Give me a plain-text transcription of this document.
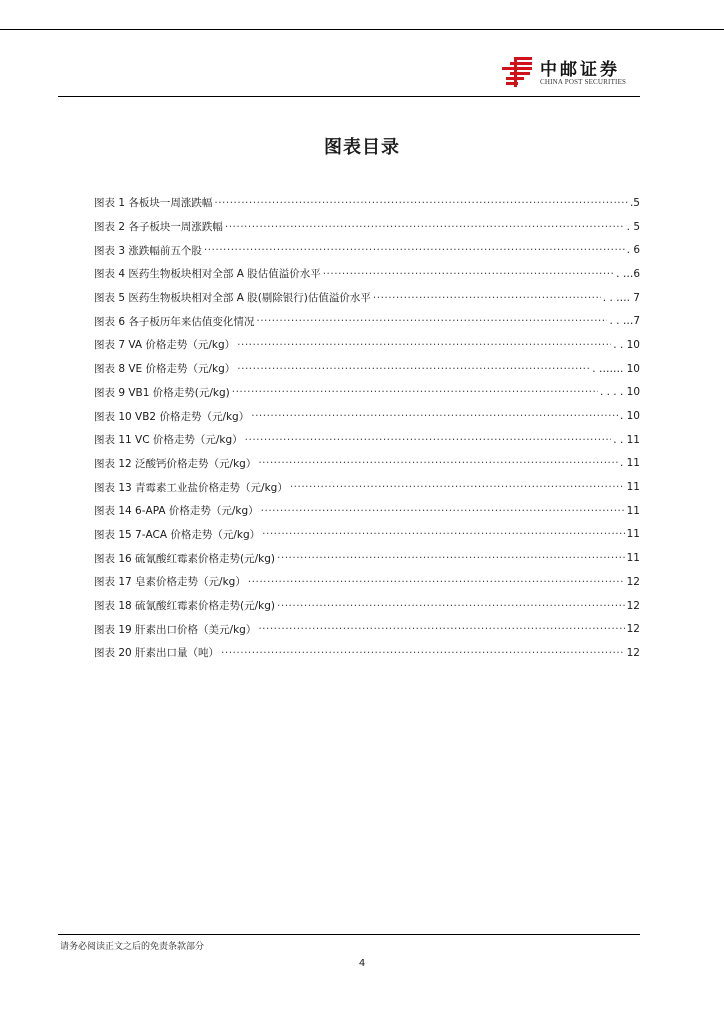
中邮证券
CHINA POST SECURITIES
图表目录
图表 1 各板块一周涨跌幅 ·····	.5
图表 2 各子板块一周涨跌幅 ·····	. 5
图表 3 涨跌幅前五个股 ·····	. 6
图表 4 医药生物板块相对全部 A 股估值溢价水平 ·····	. …6
图表 5 医药生物板块相对全部 A 股(剔除银行)估值溢价水平 ·····	. . …. 7
图表 6 各子板历年来估值变化情况 ·····	. . …7
图表 7 VA 价格走势（元/kg） ·····	. . 10
图表 8 VE 价格走势（元/kg） ·····	. ……. 10
图表 9 VB1 价格走势(元/kg) ·····	. . . . 10
图表 10 VB2 价格走势（元/kg） ·····	. 10
图表 11 VC 价格走势（元/kg） ·····	. . 11
图表 12 泛酸钙价格走势（元/kg） ·····	. 11
图表 13 青霉素工业盐价格走势（元/kg） ·····	11
图表 14 6-APA 价格走势（元/kg） ·····	11
图表 15 7-ACA 价格走势（元/kg） ·····	11
图表 16 硫氰酸红霉素价格走势(元/kg) ·····	11
图表 17 皂素价格走势（元/kg） ·····	12
图表 18 硫氰酸红霉素价格走势(元/kg) ·····	12
图表 19 肝素出口价格（美元/kg） ·····	12
图表 20 肝素出口量（吨） ·····	12
请务必阅读正文之后的免责条款部分
4
